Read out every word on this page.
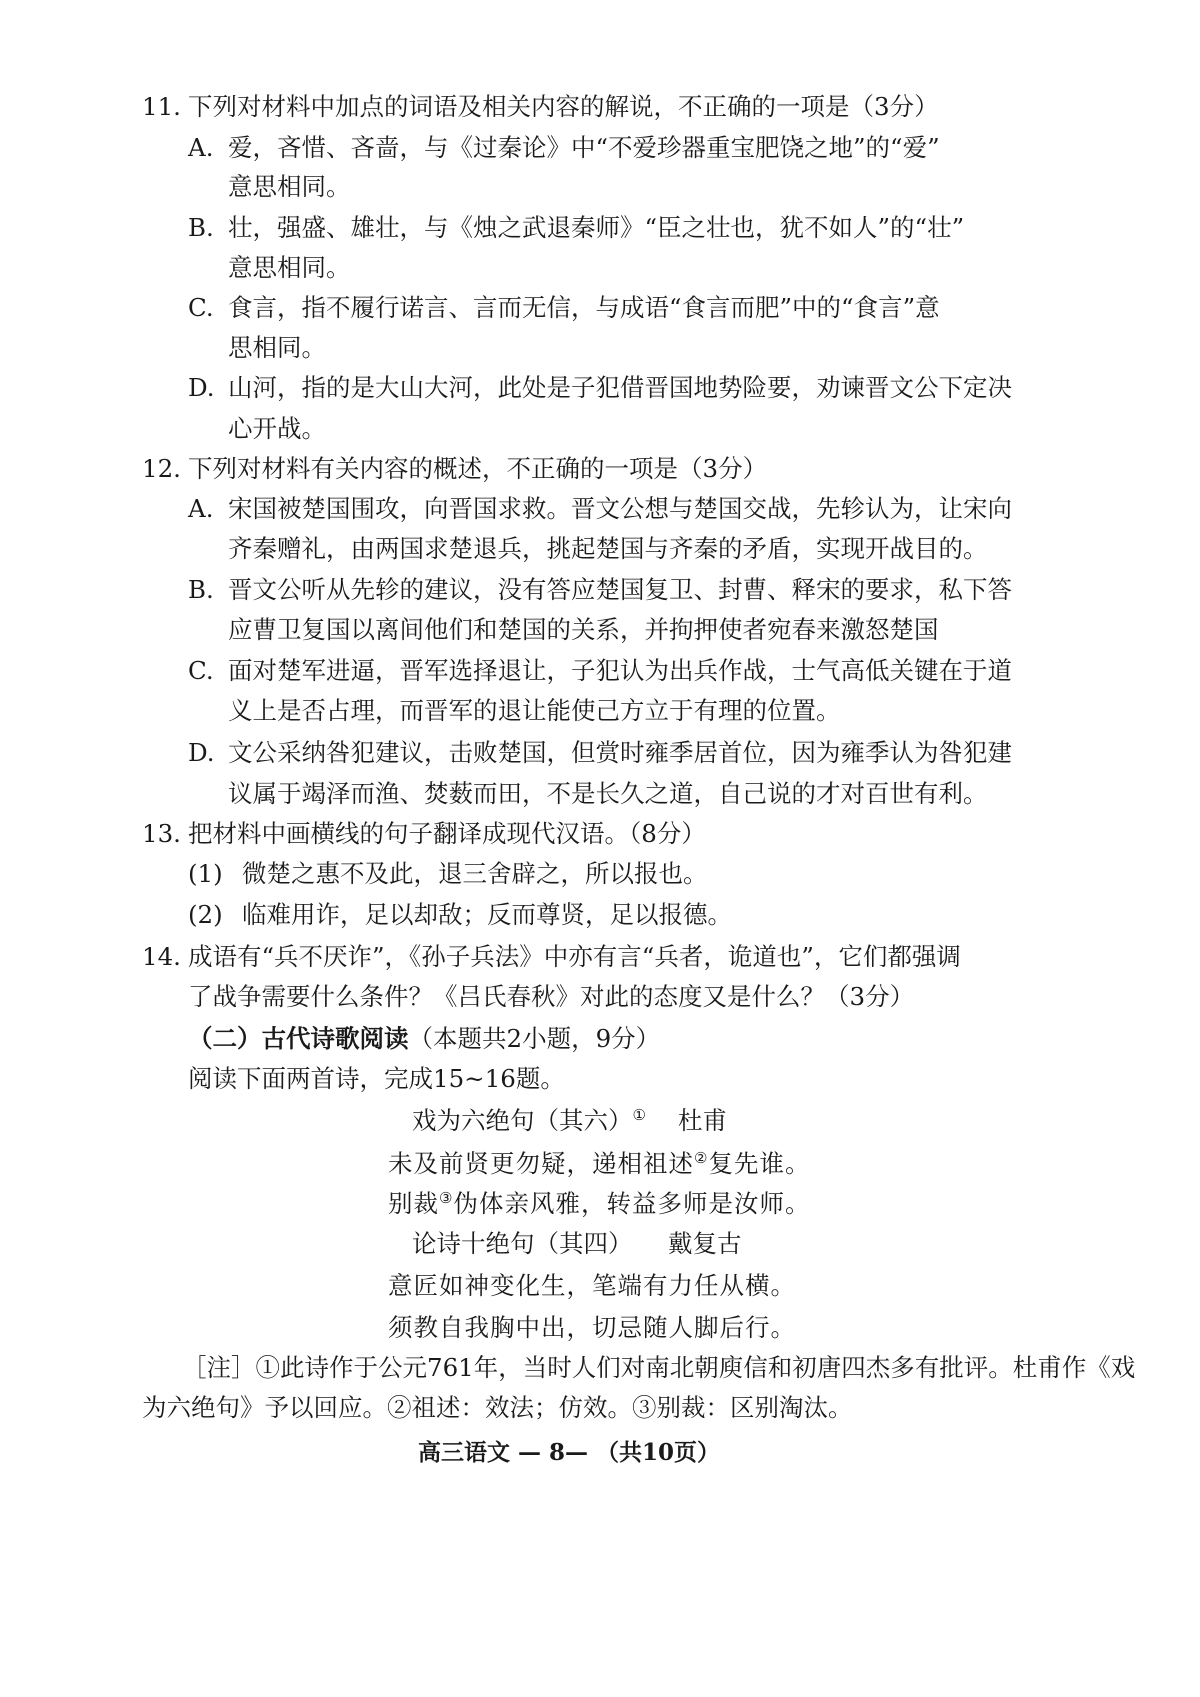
11. 下列对材料中加点的词语及相关内容的解说，不正确的一项是（3分）
A. 爱，吝惜、吝啬，与《过秦论》中“不爱珍器重宝肥饶之地”的“爱”
意思相同。
B. 壮，强盛、雄壮，与《烛之武退秦师》“臣之壮也，犹不如人”的“壮”
意思相同。
C. 食言，指不履行诺言、言而无信，与成语“食言而肥”中的“食言”意
思相同。
D. 山河，指的是大山大河，此处是子犯借晋国地势险要，劝谏晋文公下定决
心开战。
12. 下列对材料有关内容的概述，不正确的一项是（3分）
A. 宋国被楚国围攻，向晋国求救。晋文公想与楚国交战，先轸认为，让宋向
齐秦赠礼，由两国求楚退兵，挑起楚国与齐秦的矛盾，实现开战目的。
B. 晋文公听从先轸的建议，没有答应楚国复卫、封曹、释宋的要求，私下答
应曹卫复国以离间他们和楚国的关系，并拘押使者宛春来激怒楚国
C. 面对楚军进逼，晋军选择退让，子犯认为出兵作战，士气高低关键在于道
义上是否占理，而晋军的退让能使己方立于有理的位置。
D. 文公采纳咎犯建议，击败楚国，但赏时雍季居首位，因为雍季认为咎犯建
议属于竭泽而渔、焚薮而田，不是长久之道，自己说的才对百世有利。
13. 把材料中画横线的句子翻译成现代汉语。（8分）
(1) 微楚之惠不及此，退三舍辟之，所以报也。
(2) 临难用诈，足以却敌；反而尊贤，足以报德。
14. 成语有“兵不厌诈”，《孙子兵法》中亦有言“兵者，诡道也”，它们都强调
了战争需要什么条件？《吕氏春秋》对此的态度又是什么？（3分）
（二）古代诗歌阅读（本题共2小题，9分）
阅读下面两首诗，完成15~16题。
戏为六绝句（其六）① 杜甫
未及前贤更勿疑，递相祖述②复先谁。
别裁③伪体亲风雅，转益多师是汝师。
论诗十绝句（其四） 戴复古
意匠如神变化生，笔端有力任从横。
须教自我胸中出，切忌随人脚后行。
［注］①此诗作于公元761年，当时人们对南北朝庾信和初唐四杰多有批评。杜甫作《戏
为六绝句》予以回应。②祖述：效法；仿效。③别裁：区别淘汰。
高三语文 — 8— （共10页）
